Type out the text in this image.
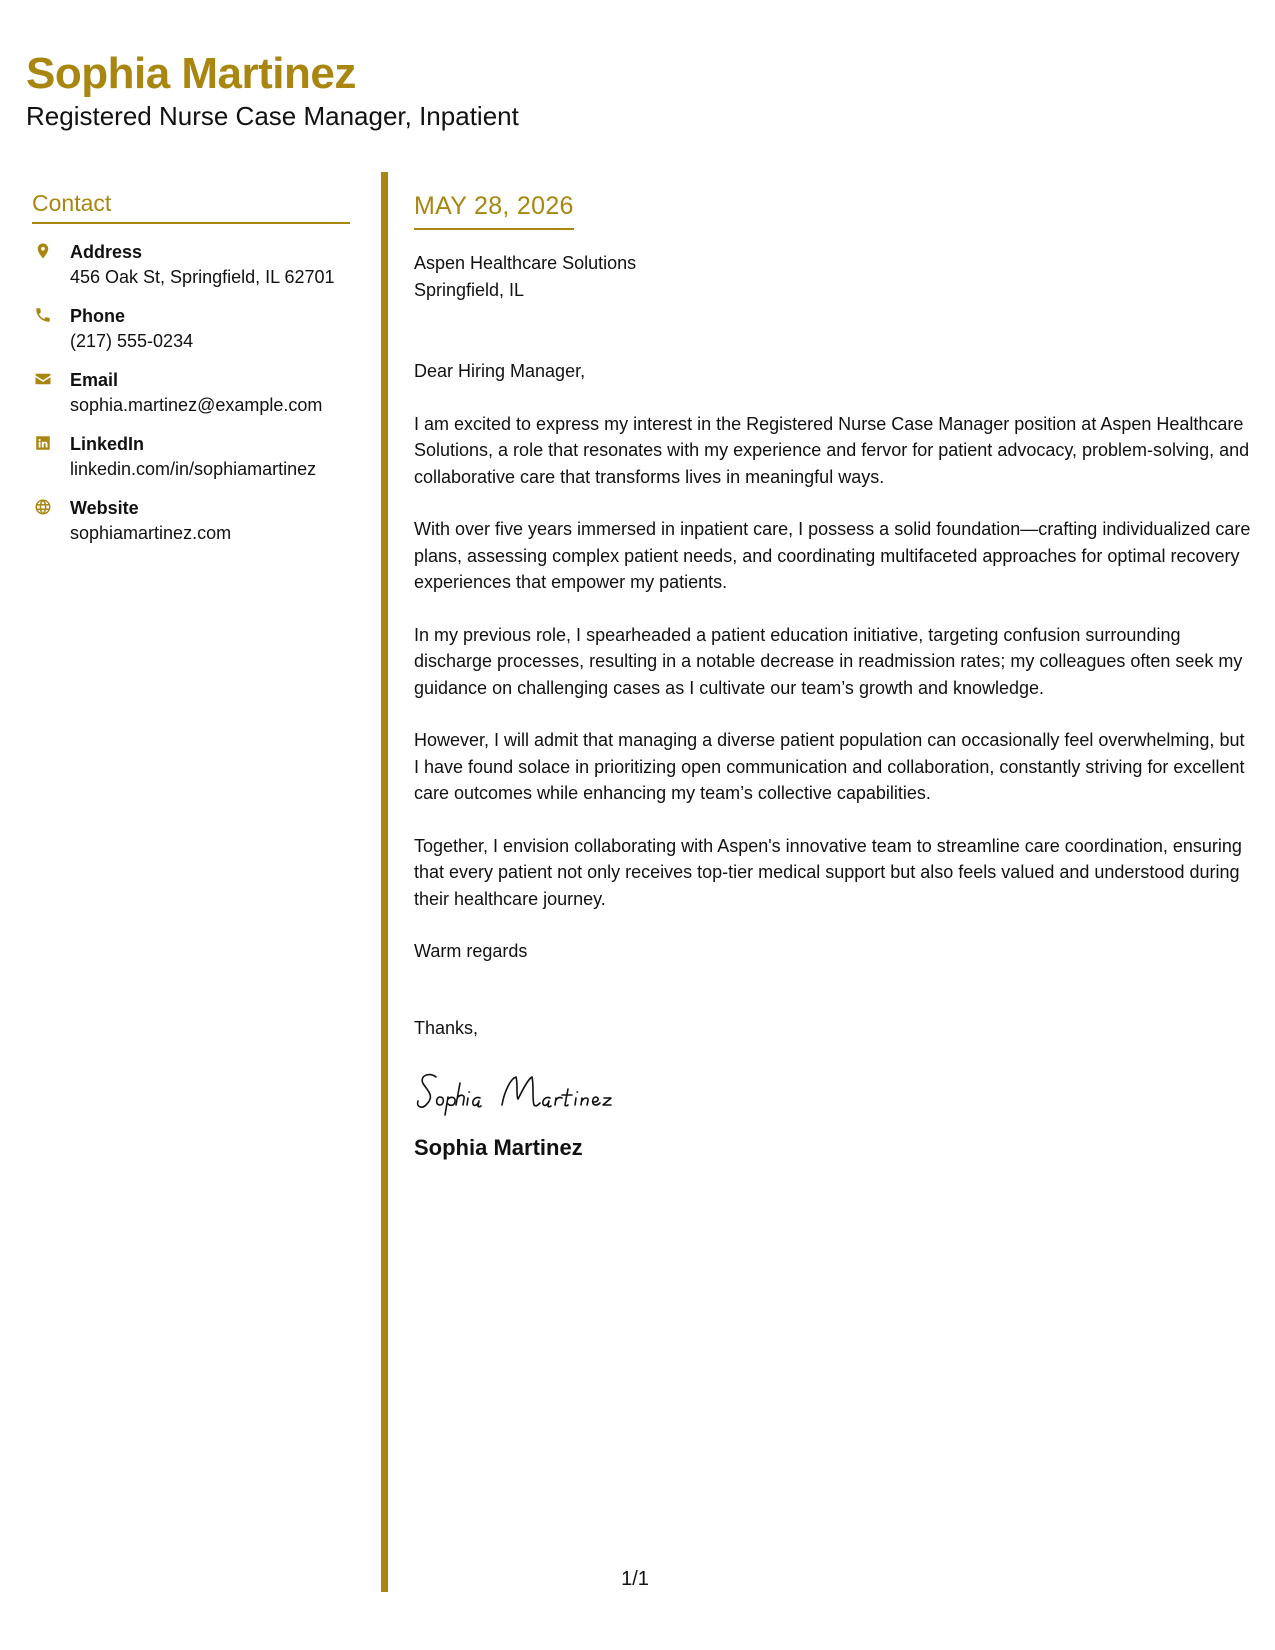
Sophia Martinez

Registered Nurse Case Manager, Inpatient

Contact
Address
456 Oak St, Springfield, IL 62701
Phone
(217) 555-0234
Email
sophia.martinez@example.com
LinkedIn
linkedin.com/in/sophiamartinez
Website
sophiamartinez.com
MAY 28, 2026
Aspen Healthcare Solutions
Springfield, IL
Dear Hiring Manager,

I am excited to express my interest in the Registered Nurse Case Manager position at Aspen Healthcare Solutions, a role that resonates with my experience and fervor for patient advocacy, problem-solving, and collaborative care that transforms lives in meaningful ways.

With over five years immersed in inpatient care, I possess a solid foundation—crafting individualized care plans, assessing complex patient needs, and coordinating multifaceted approaches for optimal recovery experiences that empower my patients.

In my previous role, I spearheaded a patient education initiative, targeting confusion surrounding discharge processes, resulting in a notable decrease in readmission rates; my colleagues often seek my guidance on challenging cases as I cultivate our team’s growth and knowledge.

However, I will admit that managing a diverse patient population can occasionally feel overwhelming, but I have found solace in prioritizing open communication and collaboration, constantly striving for excellent care outcomes while enhancing my team’s collective capabilities.

Together, I envision collaborating with Aspen's innovative team to streamline care coordination, ensuring that every patient not only receives top-tier medical support but also feels valued and understood during their healthcare journey.

Warm regards
Thanks,
Sophia Martinez
1/1
